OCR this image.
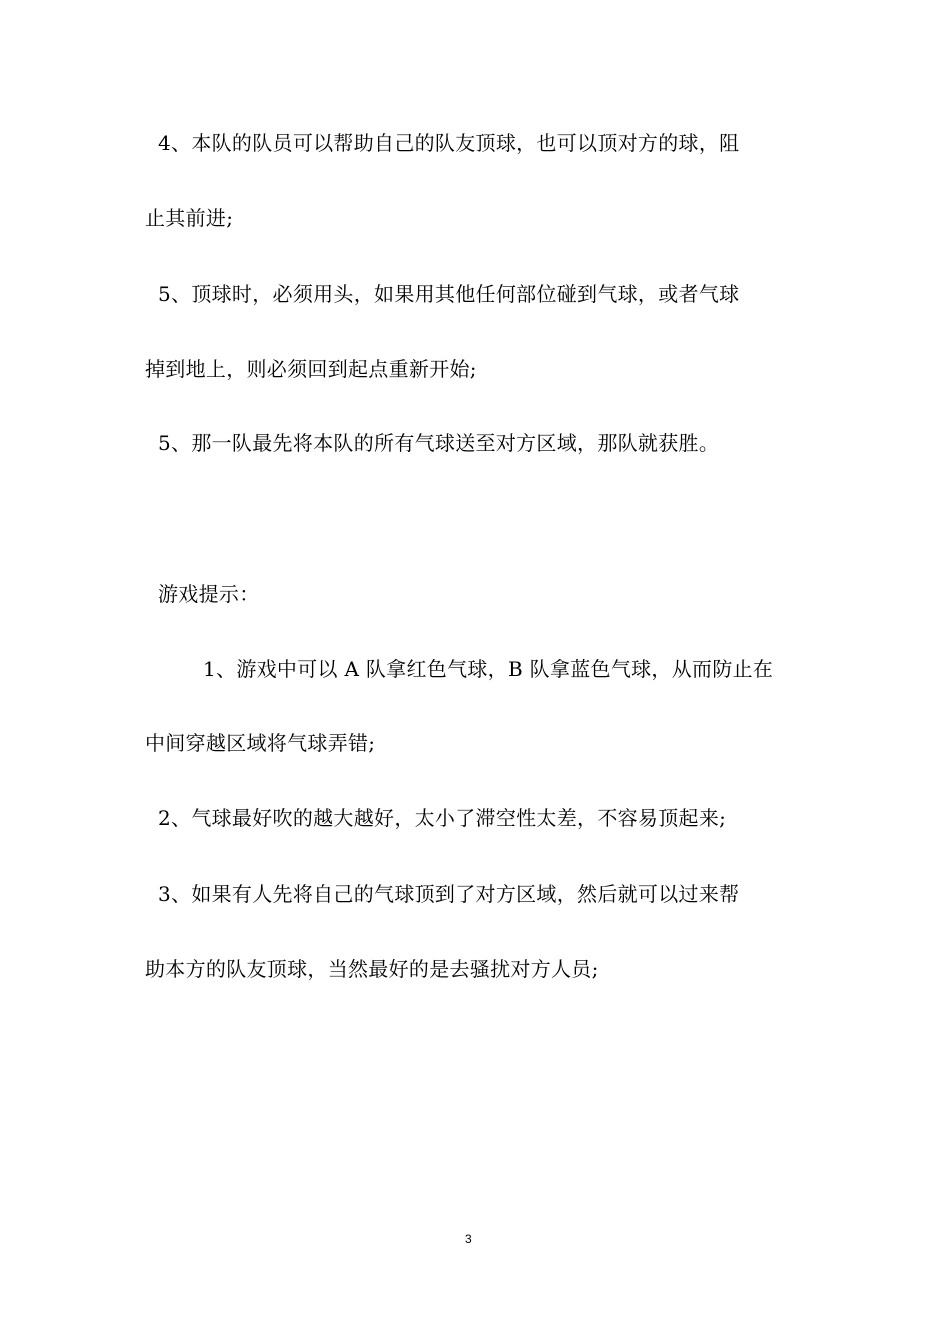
4、本队的队员可以帮助自己的队友顶球，也可以顶对方的球，阻

止其前进;

5、顶球时，必须用头，如果用其他任何部位碰到气球，或者气球

掉到地上，则必须回到起点重新开始;

5、那一队最先将本队的所有气球送至对方区域，那队就获胜。

游戏提示：

1、游戏中可以 A 队拿红色气球，B 队拿蓝色气球，从而防止在

中间穿越区域将气球弄错;

2、气球最好吹的越大越好，太小了滞空性太差，不容易顶起来;

3、如果有人先将自己的气球顶到了对方区域，然后就可以过来帮

助本方的队友顶球，当然最好的是去骚扰对方人员;

3
